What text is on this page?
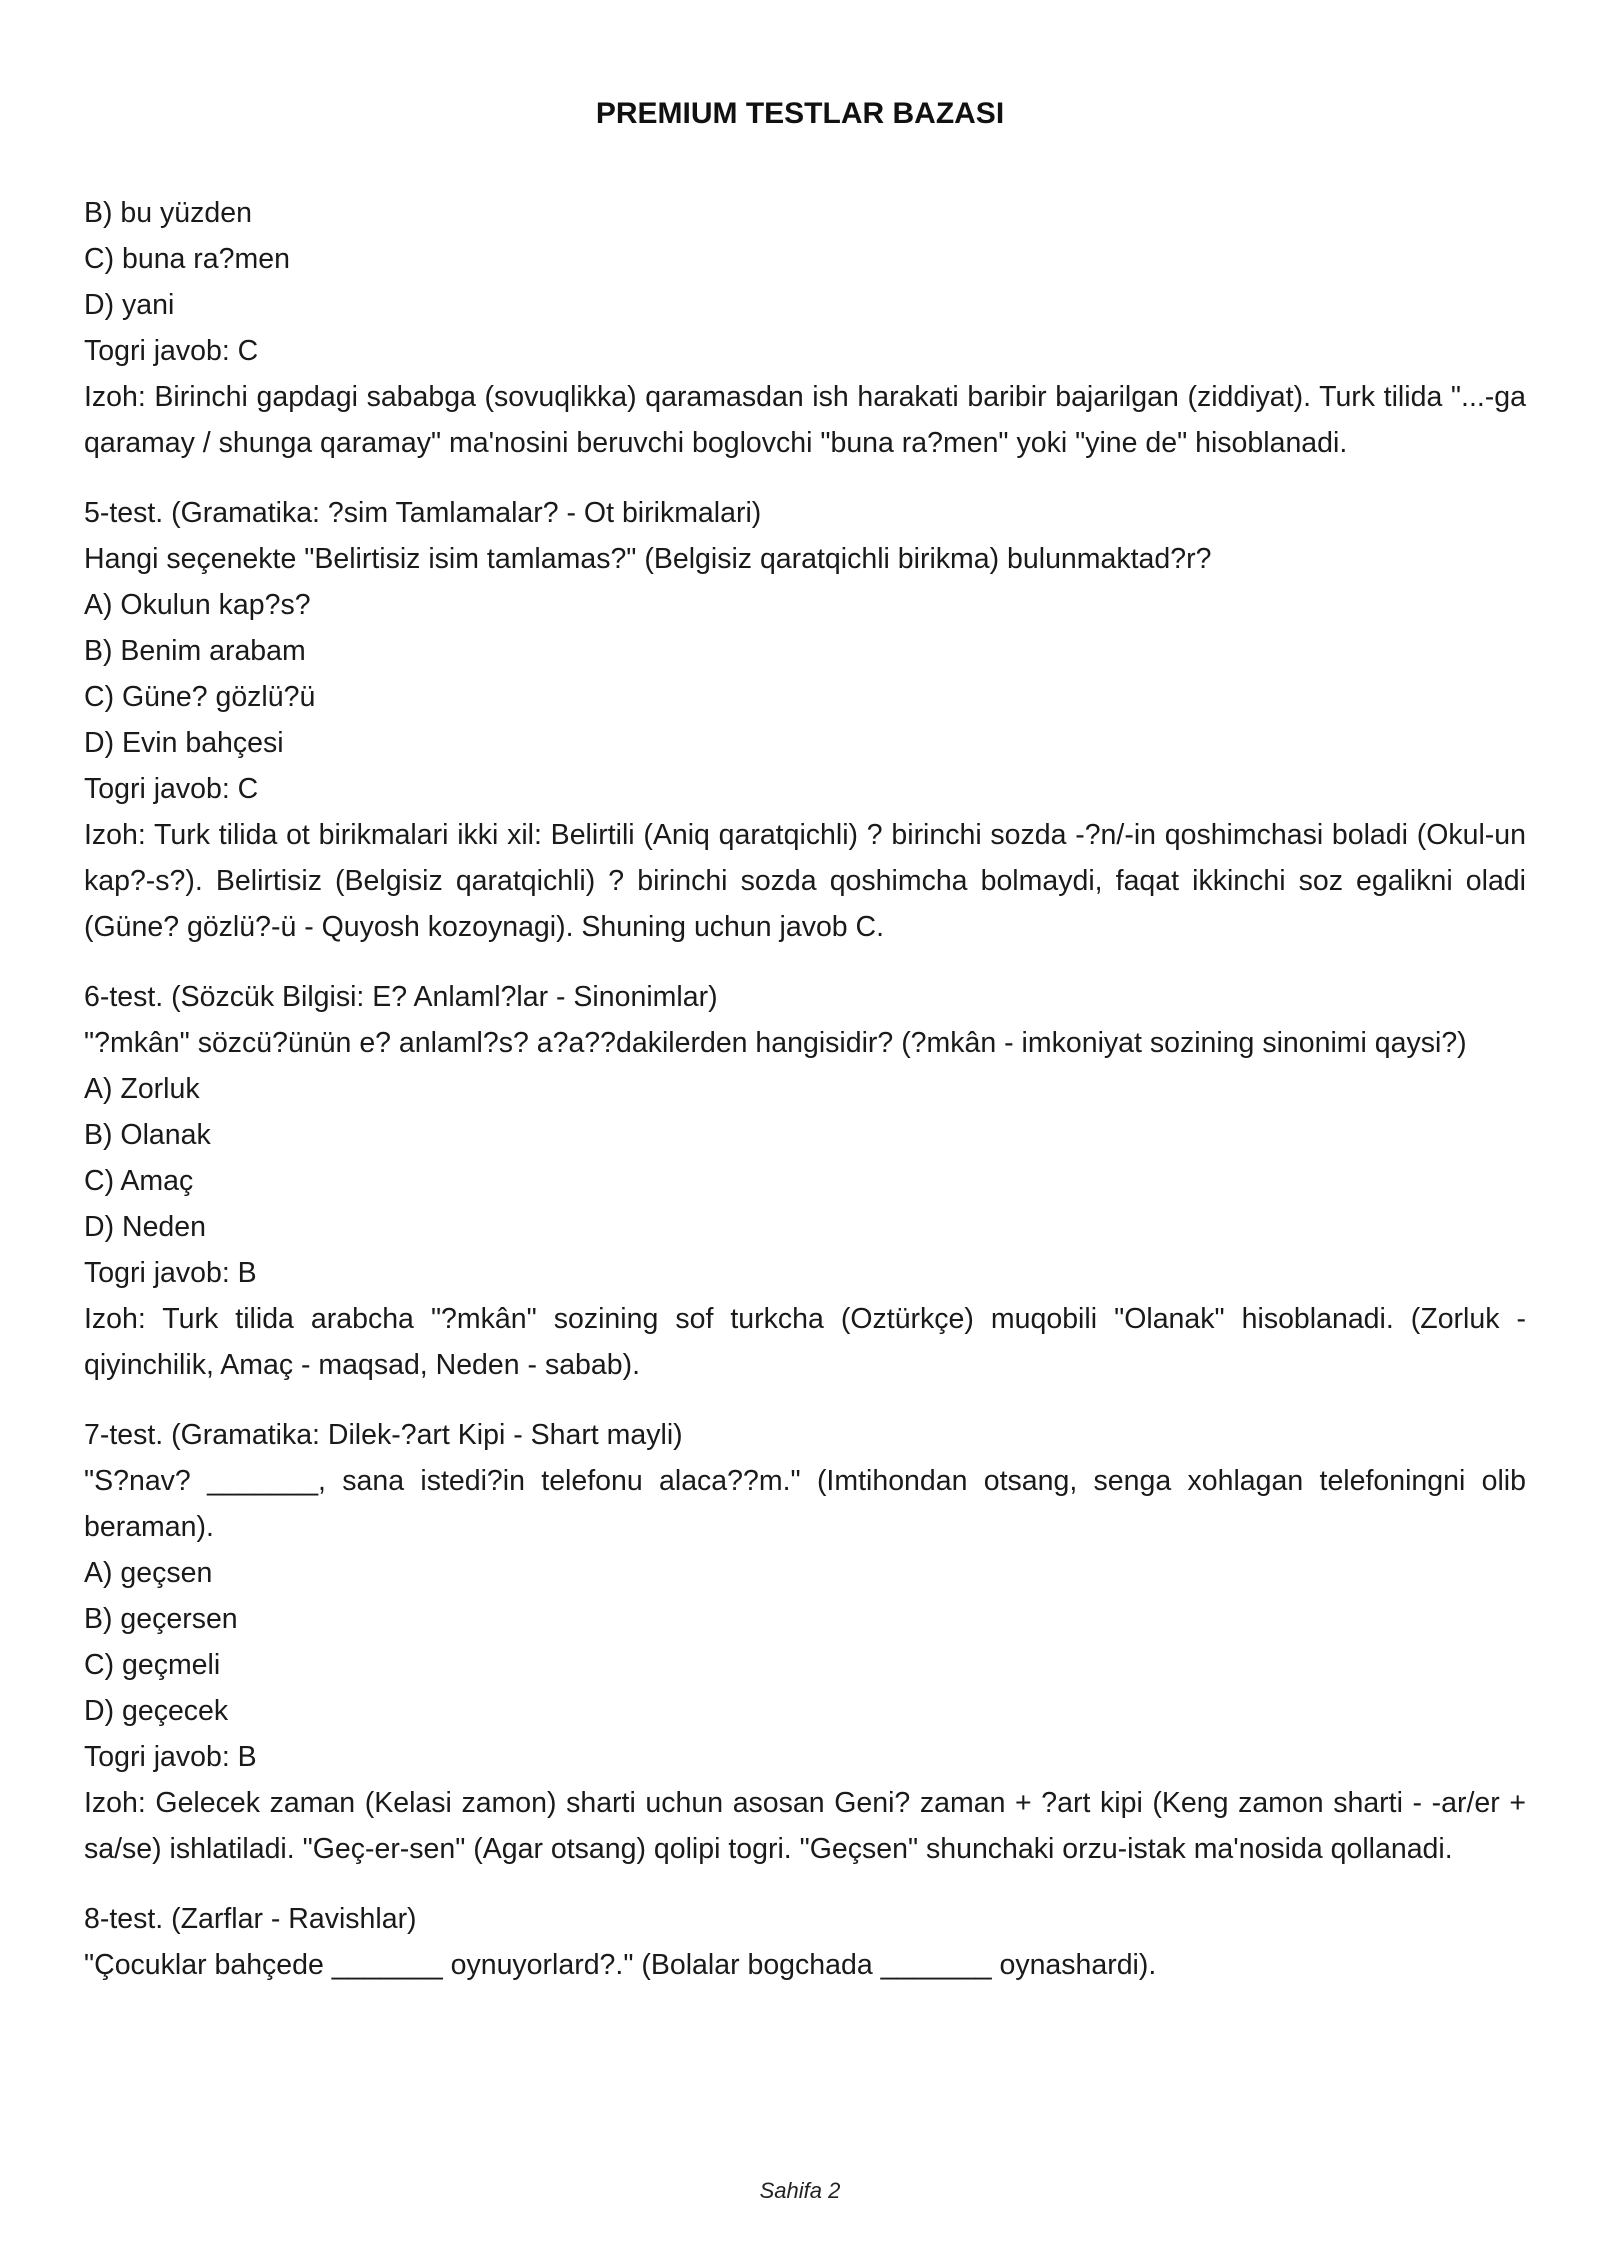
PREMIUM TESTLAR BAZASI

B) bu yüzden

C) buna ra?men

D) yani

Togri javob: C

Izoh: Birinchi gapdagi sababga (sovuqlikka) qaramasdan ish harakati baribir bajarilgan (ziddiyat). Turk tilida "...-ga qaramay / shunga qaramay" ma'nosini beruvchi boglovchi "buna ra?men" yoki "yine de" hisoblanadi.

5-test. (Gramatika: ?sim Tamlamalar? - Ot birikmalari)

Hangi seçenekte "Belirtisiz isim tamlamas?" (Belgisiz qaratqichli birikma) bulunmaktad?r?

A) Okulun kap?s?

B) Benim arabam

C) Güne? gözlü?ü

D) Evin bahçesi

Togri javob: C

Izoh: Turk tilida ot birikmalari ikki xil: Belirtili (Aniq qaratqichli) ? birinchi sozda -?n/-in qoshimchasi boladi (Okul-un kap?-s?). Belirtisiz (Belgisiz qaratqichli) ? birinchi sozda qoshimcha bolmaydi, faqat ikkinchi soz egalikni oladi (Güne? gözlü?-ü - Quyosh kozoynagi). Shuning uchun javob C.

6-test. (Sözcük Bilgisi: E? Anlaml?lar - Sinonimlar)

"?mkân" sözcü?ünün e? anlaml?s? a?a??dakilerden hangisidir? (?mkân - imkoniyat sozining sinonimi qaysi?)

A) Zorluk

B) Olanak

C) Amaç

D) Neden

Togri javob: B

Izoh: Turk tilida arabcha "?mkân" sozining sof turkcha (Oztürkçe) muqobili "Olanak" hisoblanadi. (Zorluk - qiyinchilik, Amaç - maqsad, Neden - sabab).

7-test. (Gramatika: Dilek-?art Kipi - Shart mayli)

"S?nav? _______, sana istedi?in telefonu alaca??m." (Imtihondan otsang, senga xohlagan telefoningni olib beraman).

A) geçsen

B) geçersen

C) geçmeli

D) geçecek

Togri javob: B

Izoh: Gelecek zaman (Kelasi zamon) sharti uchun asosan Geni? zaman + ?art kipi (Keng zamon sharti - -ar/er + sa/se) ishlatiladi. "Geç-er-sen" (Agar otsang) qolipi togri. "Geçsen" shunchaki orzu-istak ma'nosida qollanadi.

8-test. (Zarflar - Ravishlar)

"Çocuklar bahçede _______ oynuyorlard?." (Bolalar bogchada _______ oynashardi).

Sahifa 2
